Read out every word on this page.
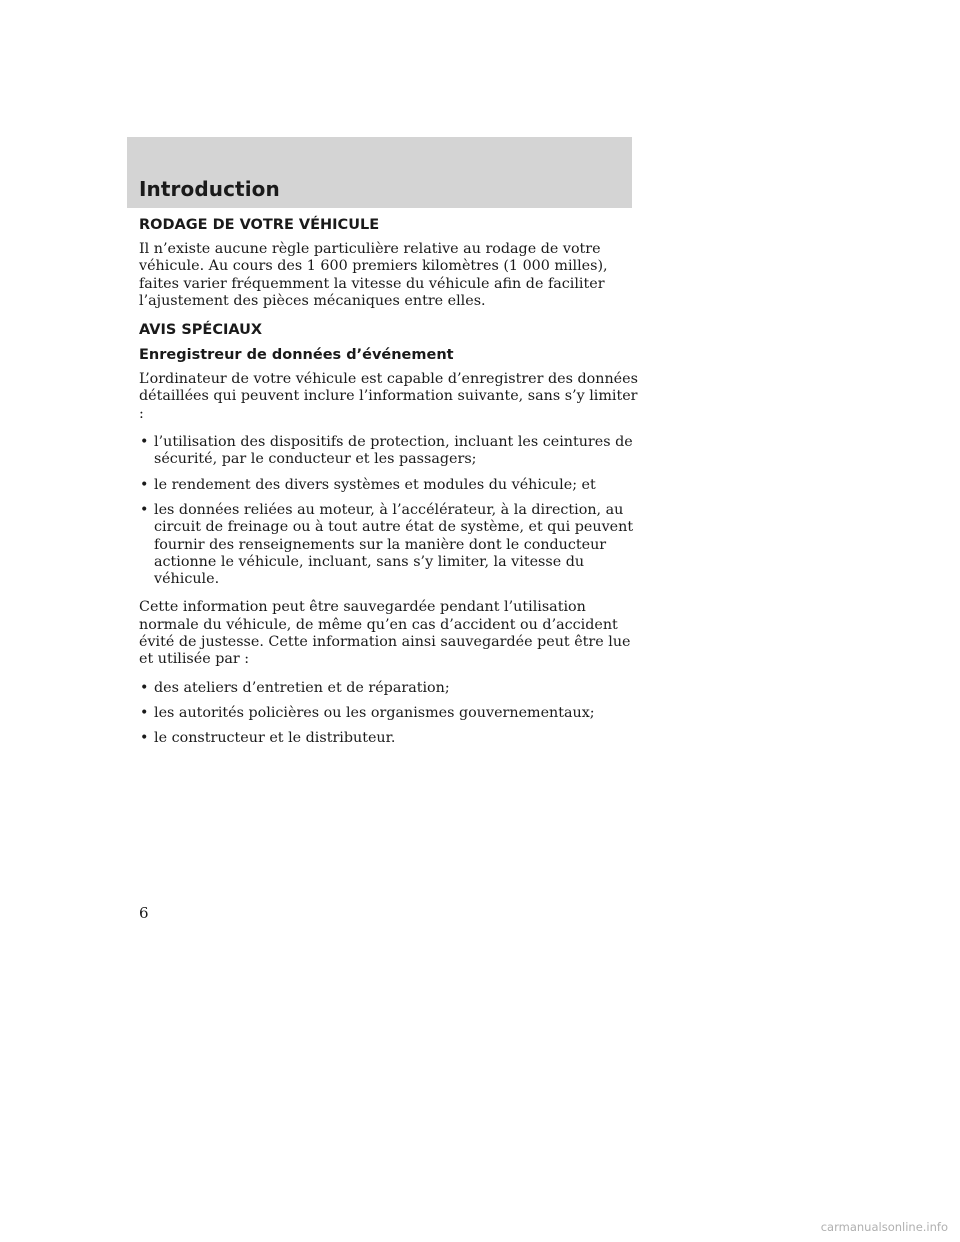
Introduction
RODAGE DE VOTRE VÉHICULE

Il n’existe aucune règle particulière relative au rodage de votre véhicule. Au cours des 1 600 premiers kilomètres (1 000 milles), faites varier fréquemment la vitesse du véhicule afin de faciliter l’ajustement des pièces mécaniques entre elles.

AVIS SPÉCIAUX
Enregistreur de données d’événement

L’ordinateur de votre véhicule est capable d’enregistrer des données détaillées qui peuvent inclure l’information suivante, sans s’y limiter :

• l’utilisation des dispositifs de protection, incluant les ceintures de sécurité, par le conducteur et les passagers;
• le rendement des divers systèmes et modules du véhicule; et
• les données reliées au moteur, à l’accélérateur, à la direction, au circuit de freinage ou à tout autre état de système, et qui peuvent fournir des renseignements sur la manière dont le conducteur actionne le véhicule, incluant, sans s’y limiter, la vitesse du véhicule.

Cette information peut être sauvegardée pendant l’utilisation normale du véhicule, de même qu’en cas d’accident ou d’accident évité de justesse. Cette information ainsi sauvegardée peut être lue et utilisée par :

• des ateliers d’entretien et de réparation;
• les autorités policières ou les organismes gouvernementaux;
• le constructeur et le distributeur.

6

carmanualsonline.info
